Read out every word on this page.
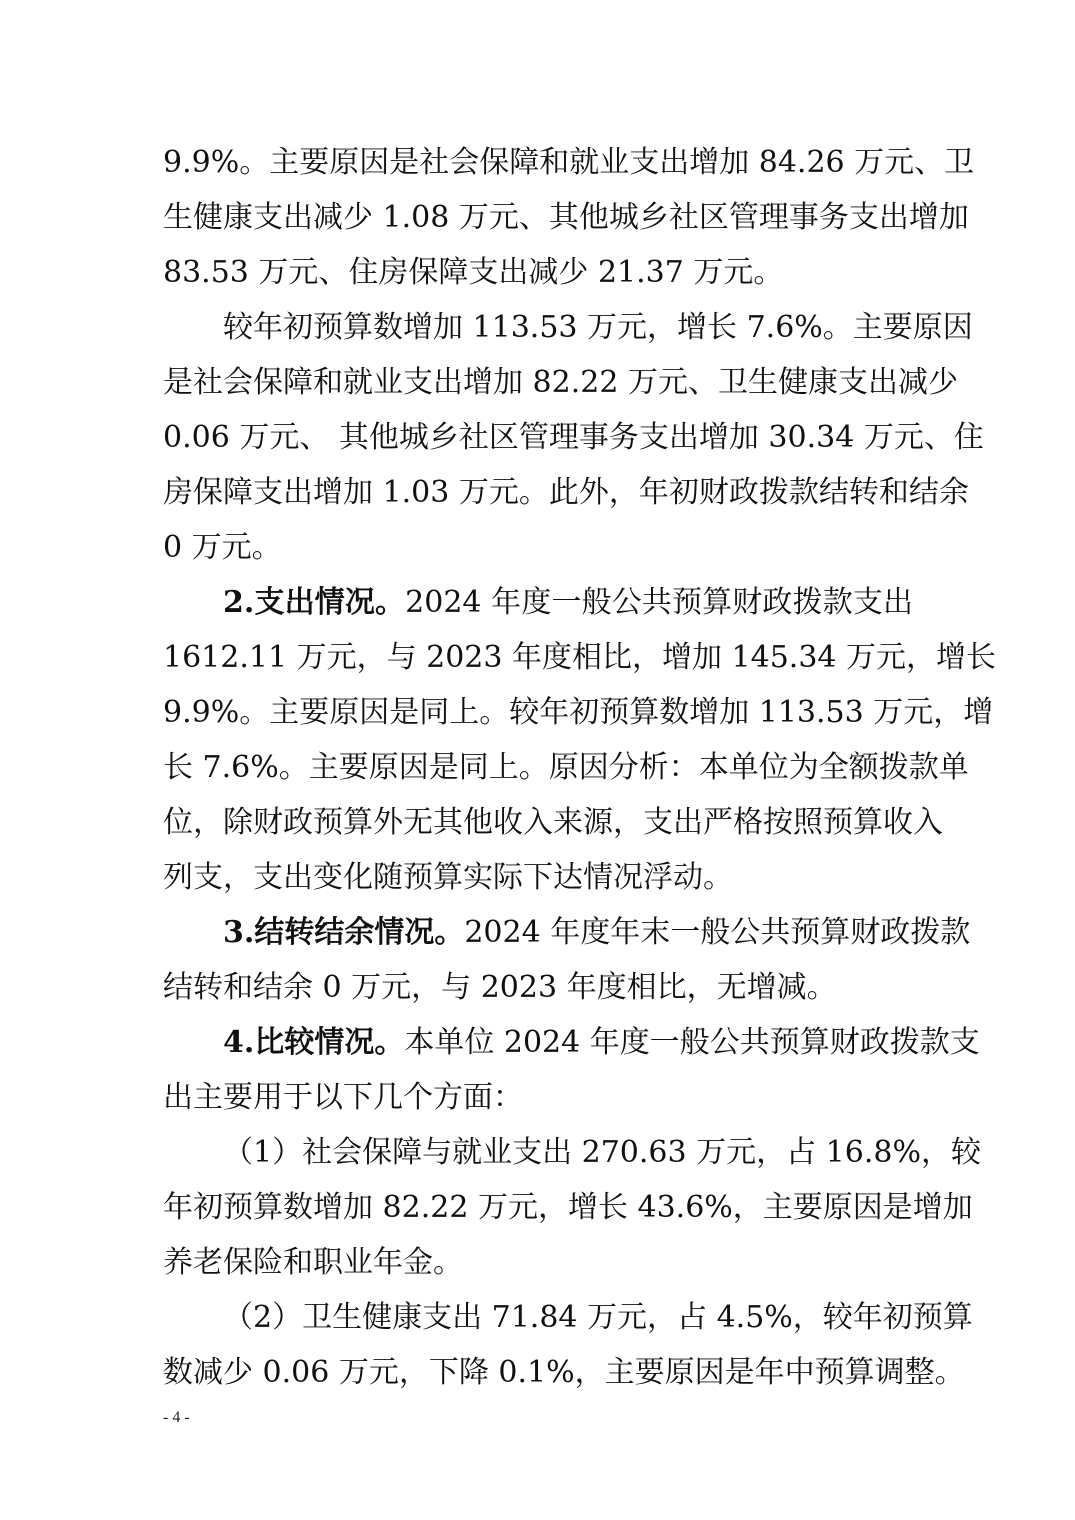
9.9%。主要原因是社会保障和就业支出增加 84.26 万元、卫
生健康支出减少 1.08 万元、其他城乡社区管理事务支出增加
83.53 万元、住房保障支出减少 21.37 万元。
较年初预算数增加 113.53 万元，增长 7.6%。主要原因
是社会保障和就业支出增加 82.22 万元、卫生健康支出减少
0.06 万元、 其他城乡社区管理事务支出增加 30.34 万元、住
房保障支出增加 1.03 万元。此外，年初财政拨款结转和结余
0 万元。
2.支出情况。2024 年度一般公共预算财政拨款支出
1612.11 万元，与 2023 年度相比，增加 145.34 万元，增长
9.9%。主要原因是同上。较年初预算数增加 113.53 万元，增
长 7.6%。主要原因是同上。原因分析：本单位为全额拨款单
位，除财政预算外无其他收入来源，支出严格按照预算收入
列支，支出变化随预算实际下达情况浮动。
3.结转结余情况。2024 年度年末一般公共预算财政拨款
结转和结余 0 万元，与 2023 年度相比，无增减。
4.比较情况。本单位 2024 年度一般公共预算财政拨款支
出主要用于以下几个方面：
（1）社会保障与就业支出 270.63 万元，占 16.8%，较
年初预算数增加 82.22 万元，增长 43.6%，主要原因是增加
养老保险和职业年金。
（2）卫生健康支出 71.84 万元，占 4.5%，较年初预算
数减少 0.06 万元，下降 0.1%，主要原因是年中预算调整。
- 4 -
